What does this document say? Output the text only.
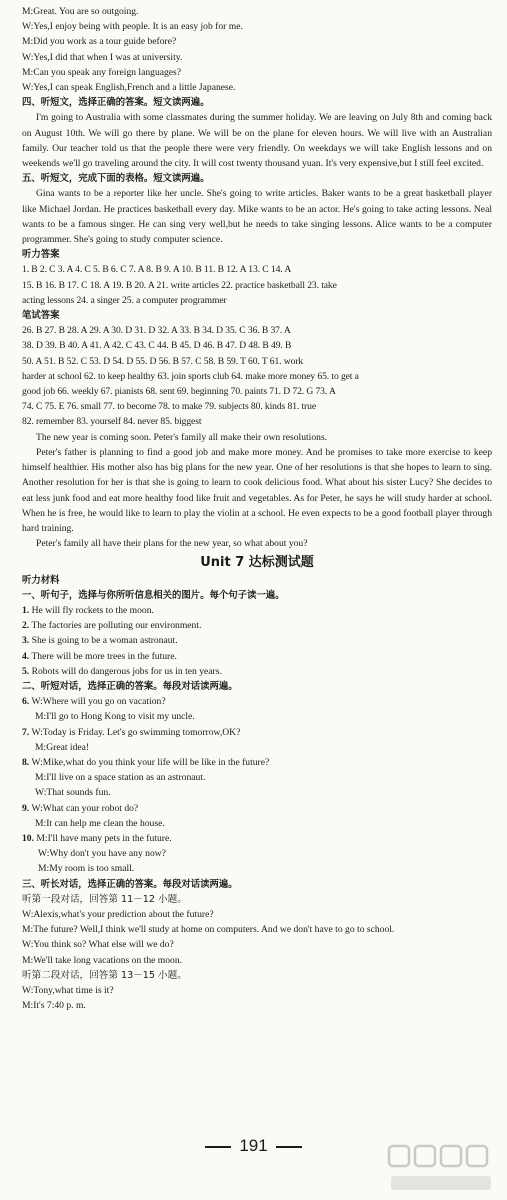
M:Great. You are so outgoing.
W:Yes,I enjoy being with people. It is an easy job for me.
M:Did you work as a tour guide before?
W:Yes,I did that when I was at university.
M:Can you speak any foreign languages?
W:Yes,I can speak English,French and a little Japanese.
四、听短文，选择正确的答案。短文读两遍。
I'm going to Australia with some classmates during the summer holiday. We are leaving on July 8th and coming back on August 10th. We will go there by plane. We will be on the plane for eleven hours. We will live with an Australian family. Our teacher told us that the people there were very friendly. On weekdays we will take English lessons and on weekends we'll go traveling around the city. It will cost twenty thousand yuan. It's very expensive,but I still feel excited.
五、听短文，完成下面的表格。短文读两遍。
Gina wants to be a reporter like her uncle. She's going to write articles. Baker wants to be a great basketball player like Michael Jordan. He practices basketball every day. Mike wants to be an actor. He's going to take acting lessons. Neal wants to be a famous singer. He can sing very well,but he needs to take singing lessons. Alice wants to be a computer programmer. She's going to study computer science.
听力答案
1. B 2. C 3. A 4. C 5. B 6. C 7. A 8. B 9. A 10. B 11. B 12. A 13. C 14. A
15. B 16. B 17. C 18. A 19. B 20. A 21. write articles 22. practice basketball 23. take
acting lessons 24. a singer 25. a computer programmer
笔试答案
26. B 27. B 28. A 29. A 30. D 31. D 32. A 33. B 34. D 35. C 36. B 37. A
38. D 39. B 40. A 41. A 42. C 43. C 44. B 45. D 46. B 47. D 48. B 49. B
50. A 51. B 52. C 53. D 54. D 55. D 56. B 57. C 58. B 59. T 60. T 61. work
harder at school 62. to keep healthy 63. join sports club 64. make more money 65. to get a
good job 66. weekly 67. pianists 68. sent 69. beginning 70. paints 71. D 72. G 73. A
74. C 75. E 76. small 77. to become 78. to make 79. subjects 80. kinds 81. true
82. remember 83. yourself 84. never 85. biggest
The new year is coming soon. Peter's family all make their own resolutions.
Peter's father is planning to find a good job and make more money. And he promises to take more exercise to keep himself healthier. His mother also has big plans for the new year. One of her resolutions is that she hopes to learn to sing. Another resolution for her is that she is going to learn to cook delicious food. What about his sister Lucy? She decides to eat less junk food and eat more healthy food like fruit and vegetables. As for Peter, he says he will study harder at school. When he is free, he would like to learn to play the violin at a school. He even expects to be a good football player through hard training.
Peter's family all have their plans for the new year, so what about you?
Unit 7 达标测试题
听力材料
一、听句子，选择与你所听信息相关的图片。每个句子读一遍。
1. He will fly rockets to the moon.
2. The factories are polluting our environment.
3. She is going to be a woman astronaut.
4. There will be more trees in the future.
5. Robots will do dangerous jobs for us in ten years.
二、听短对话，选择正确的答案。每段对话读两遍。
6. W:Where will you go on vacation?
M:I'll go to Hong Kong to visit my uncle.
7. W:Today is Friday. Let's go swimming tomorrow,OK?
M:Great idea!
8. W:Mike,what do you think your life will be like in the future?
M:I'll live on a space station as an astronaut.
W:That sounds fun.
9. W:What can your robot do?
M:It can help me clean the house.
10. M:I'll have many pets in the future.
W:Why don't you have any now?
M:My room is too small.
三、听长对话，选择正确的答案。每段对话读两遍。
听第一段对话，回答第 11－12 小题。
W:Alexis,what's your prediction about the future?
M:The future? Well,I think we'll study at home on computers. And we don't have to go to school.
W:You think so? What else will we do?
M:We'll take long vacations on the moon.
听第二段对话，回答第 13－15 小题。
W:Tony,what time is it?
M:It's 7:40 p. m.
191
